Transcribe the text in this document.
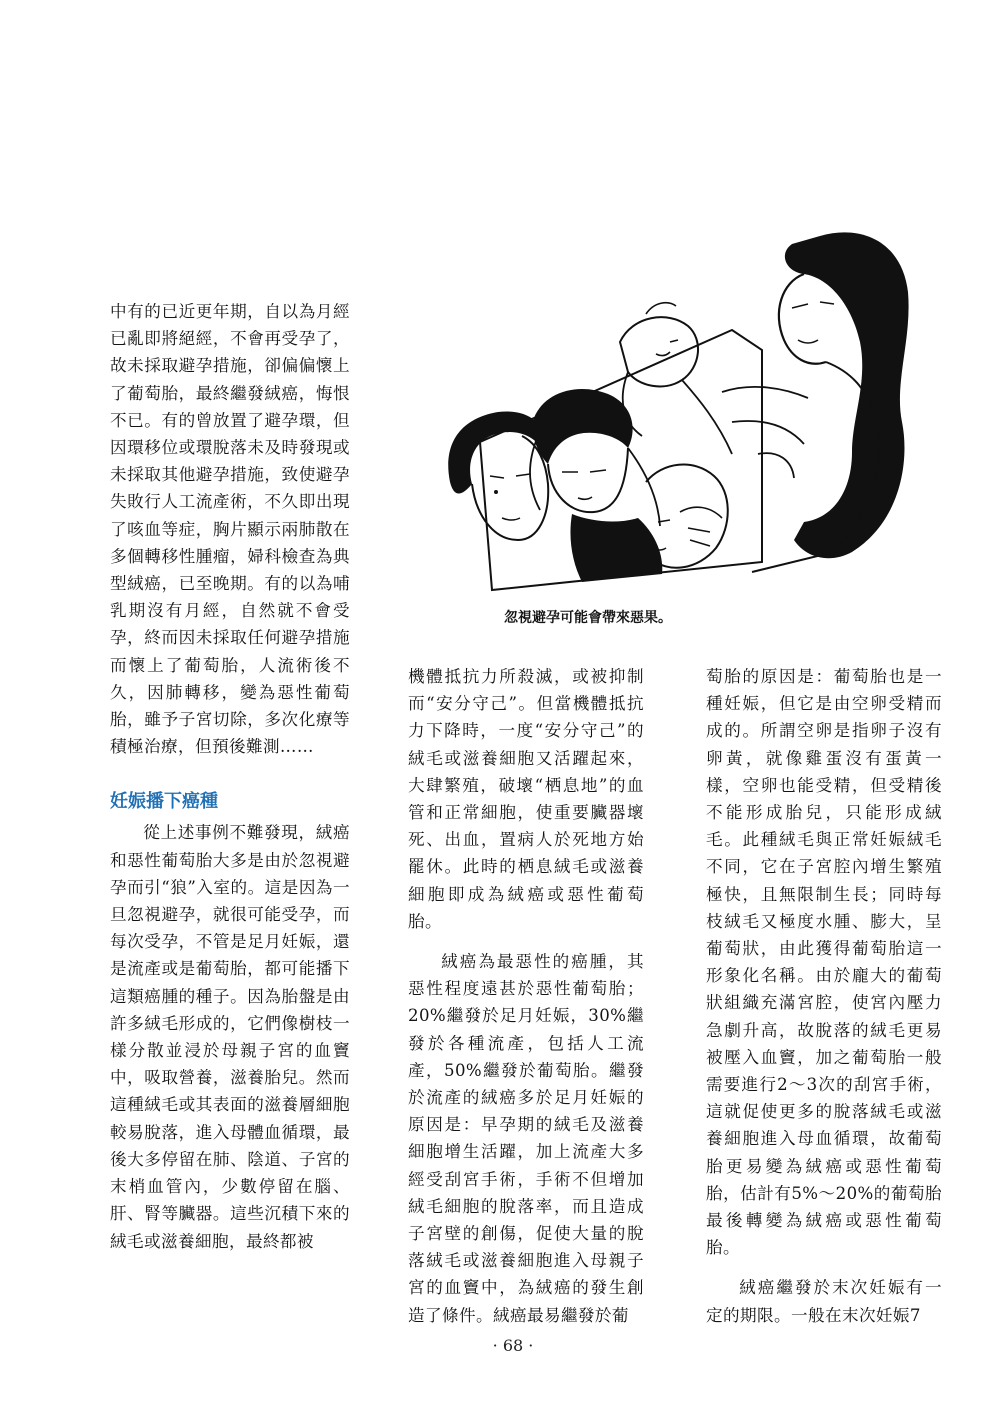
中有的已近更年期，自以為月經已亂即將絕經，不會再受孕了，故未採取避孕措施，卻偏偏懷上了葡萄胎，最終繼發絨癌，悔恨不已。有的曾放置了避孕環，但因環移位或環脫落未及時發現或未採取其他避孕措施，致使避孕失敗行人工流產術，不久即出現了咳血等症，胸片顯示兩肺散在多個轉移性腫瘤，婦科檢查為典型絨癌，已至晚期。有的以為哺乳期沒有月經，自然就不會受孕，終而因未採取任何避孕措施而懷上了葡萄胎，人流術後不久，因肺轉移，變為惡性葡萄胎，雖予子宮切除，多次化療等積極治療，但預後難測……

妊娠播下癌種

從上述事例不難發現，絨癌和惡性葡萄胎大多是由於忽視避孕而引“狼”入室的。這是因為一旦忽視避孕，就很可能受孕，而每次受孕，不管是足月妊娠，還是流產或是葡萄胎，都可能播下這類癌腫的種子。因為胎盤是由許多絨毛形成的，它們像樹枝一樣分散並浸於母親子宮的血竇中，吸取營養，滋養胎兒。然而這種絨毛或其表面的滋養層細胞較易脫落，進入母體血循環，最後大多停留在肺、陰道、子宮的末梢血管內，少數停留在腦、肝、腎等臟器。這些沉積下來的絨毛或滋養細胞，最終都被

忽視避孕可能會帶來惡果。

機體抵抗力所殺滅，或被抑制而“安分守己”。但當機體抵抗力下降時，一度“安分守己”的絨毛或滋養細胞又活躍起來，大肆繁殖，破壞“栖息地”的血管和正常細胞，使重要臟器壞死、出血，置病人於死地方始罷休。此時的栖息絨毛或滋養細胞即成為絨癌或惡性葡萄胎。

絨癌為最惡性的癌腫，其惡性程度遠甚於惡性葡萄胎；20%繼發於足月妊娠，30%繼發於各種流產，包括人工流產，50%繼發於葡萄胎。繼發於流產的絨癌多於足月妊娠的原因是：早孕期的絨毛及滋養細胞增生活躍，加上流產大多經受刮宮手術，手術不但增加絨毛細胞的脫落率，而且造成子宮壁的創傷，促使大量的脫落絨毛或滋養細胞進入母親子宮的血竇中，為絨癌的發生創造了條件。絨癌最易繼發於葡

萄胎的原因是：葡萄胎也是一種妊娠，但它是由空卵受精而成的。所謂空卵是指卵子沒有卵黃，就像雞蛋沒有蛋黃一樣，空卵也能受精，但受精後不能形成胎兒，只能形成絨毛。此種絨毛與正常妊娠絨毛不同，它在子宮腔內增生繁殖極快，且無限制生長；同時每枝絨毛又極度水腫、膨大，呈葡萄狀，由此獲得葡萄胎這一形象化名稱。由於龐大的葡萄狀組織充滿宮腔，使宮內壓力急劇升高，故脫落的絨毛更易被壓入血竇，加之葡萄胎一般需要進行2～3次的刮宮手術，這就促使更多的脫落絨毛或滋養細胞進入母血循環，故葡萄胎更易變為絨癌或惡性葡萄胎，估計有5%～20%的葡萄胎最後轉變為絨癌或惡性葡萄胎。

絨癌繼發於末次妊娠有一定的期限。一般在末次妊娠7

· 68 ·
